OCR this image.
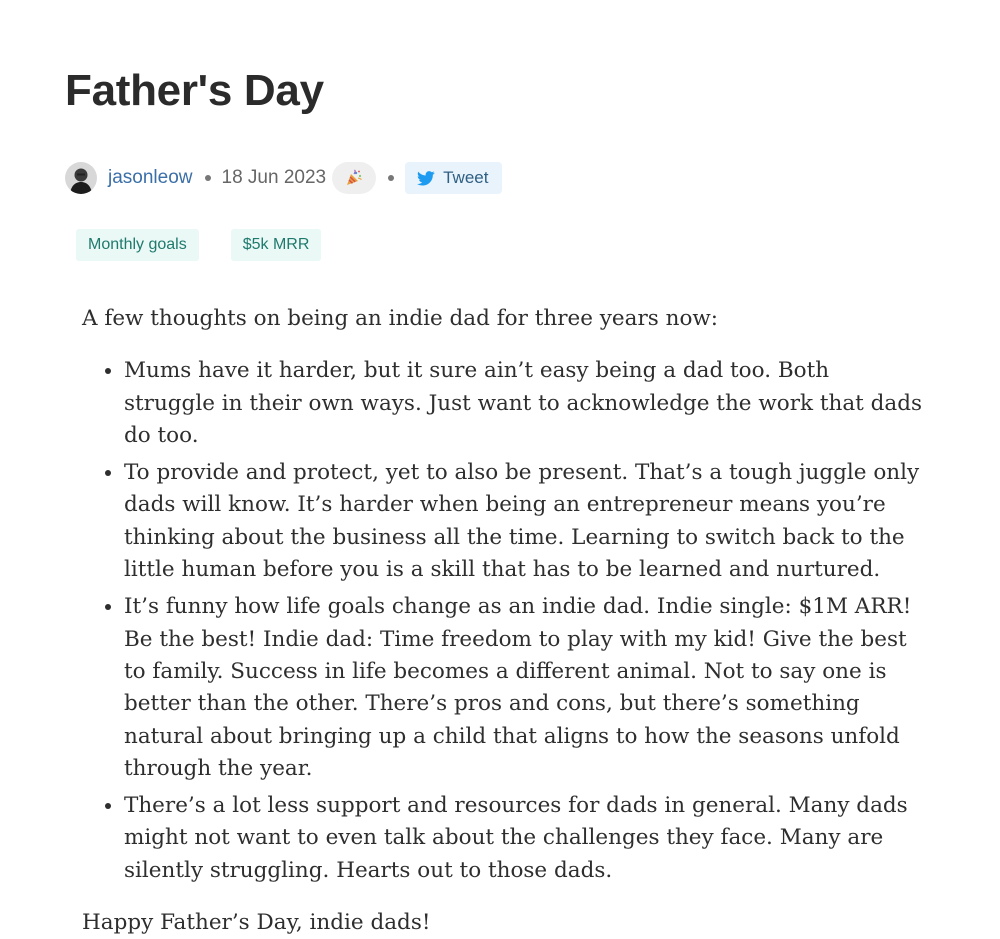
Father's Day
jasonleow 18 Jun 2023	Tweet
Monthly goals	$5k MRR

A few thoughts on being an indie dad for three years now:

• Mums have it harder, but it sure ain’t easy being a dad too. Both struggle in their own ways. Just want to acknowledge the work that dads do too.
• To provide and protect, yet to also be present. That’s a tough juggle only dads will know. It’s harder when being an entrepreneur means you’re thinking about the business all the time. Learning to switch back to the little human before you is a skill that has to be learned and nurtured.
• It’s funny how life goals change as an indie dad. Indie single: $1M ARR! Be the best! Indie dad: Time freedom to play with my kid! Give the best to family. Success in life becomes a different animal. Not to say one is better than the other. There’s pros and cons, but there’s something natural about bringing up a child that aligns to how the seasons unfold through the year.
• There’s a lot less support and resources for dads in general. Many dads might not want to even talk about the challenges they face. Many are silently struggling. Hearts out to those dads.

Happy Father’s Day, indie dads!
